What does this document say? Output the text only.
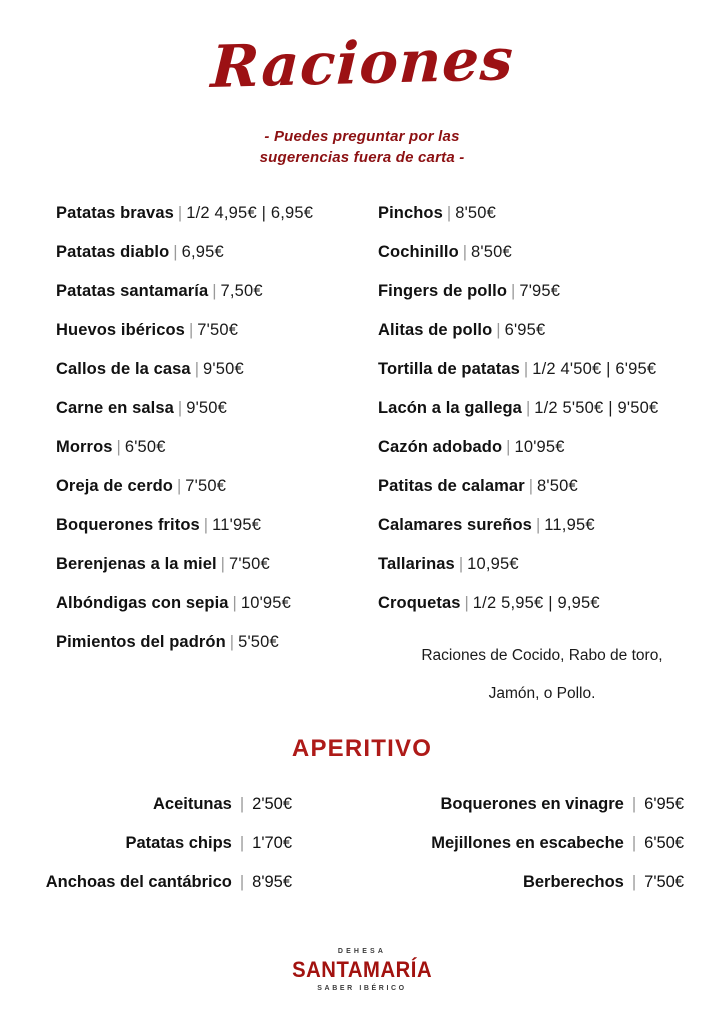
Raciones
- Puedes preguntar por las
sugerencias fuera de carta -
Patatas bravas | 1/2 4,95€ | 6,95€
Patatas diablo | 6,95€
Patatas santamaría | 7,50€
Huevos ibéricos | 7'50€
Callos de la casa | 9'50€
Carne en salsa | 9'50€
Morros | 6'50€
Oreja de cerdo | 7'50€
Boquerones fritos | 11'95€
Berenjenas a la miel | 7'50€
Albóndigas con sepia | 10'95€
Pimientos del padrón | 5'50€
Pinchos | 8'50€
Cochinillo | 8'50€
Fingers de pollo | 7'95€
Alitas de pollo | 6'95€
Tortilla de patatas | 1/2 4'50€ | 6'95€
Lacón a la gallega | 1/2 5'50€ | 9'50€
Cazón adobado | 10'95€
Patitas de calamar | 8'50€
Calamares sureños | 11,95€
Tallarinas | 10,95€
Croquetas | 1/2 5,95€ | 9,95€
Raciones de Cocido, Rabo de toro,
Jamón, o Pollo.
APERITIVO
Aceitunas | 2'50€
Patatas chips | 1'70€
Anchoas del cantábrico | 8'95€
Boquerones en vinagre | 6'95€
Mejillones en escabeche | 6'50€
Berberechos | 7'50€
DEHESA
SANTAMARÍA
SABER IBÉRICO
